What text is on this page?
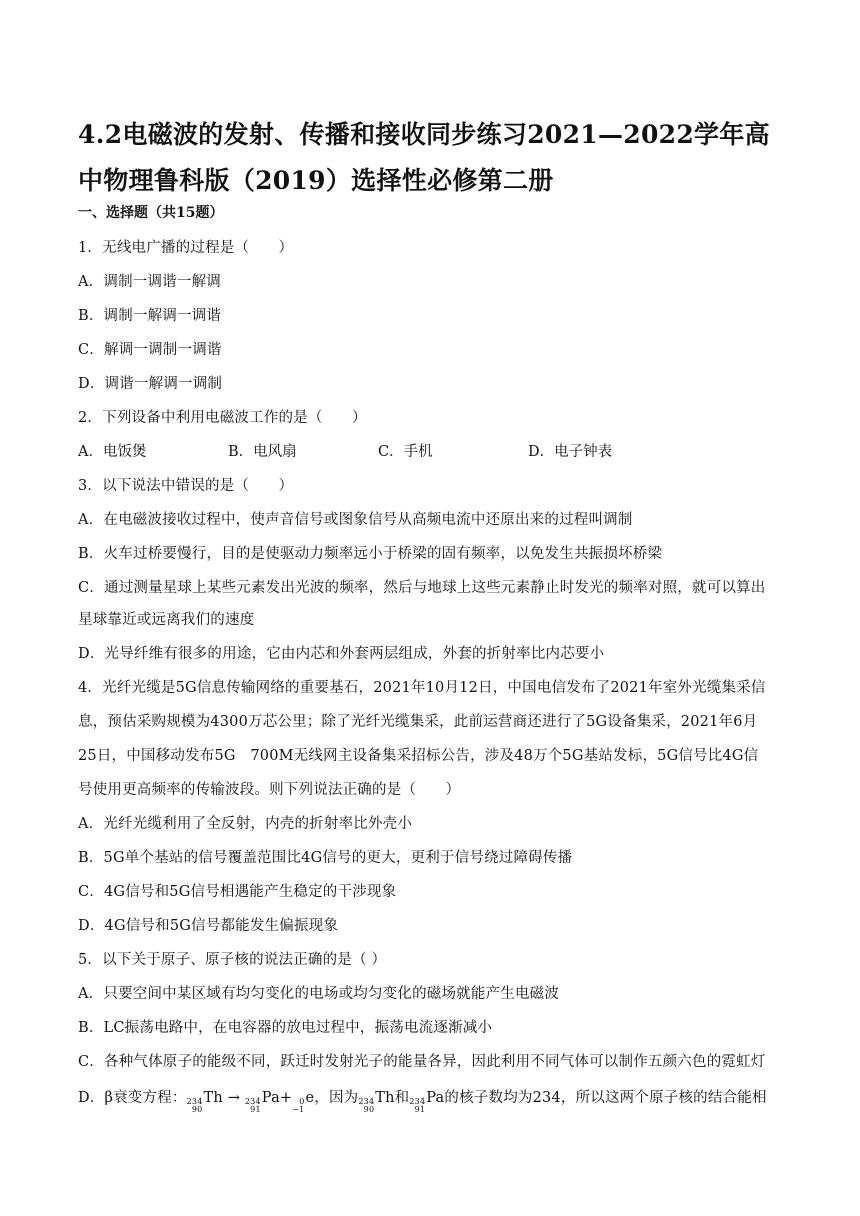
4.2电磁波的发射、传播和接收同步练习2021—2022学年高中物理鲁科版（2019）选择性必修第二册
一、选择题（共15题）
1．无线电广播的过程是（　　）
A．调制一调谐一解调
B．调制一解调一调谐
C．解调一调制一调谐
D．调谐一解调一调制
2．下列设备中利用电磁波工作的是（　　）
A．电饭煲	B．电风扇	C．手机	D．电子钟表
3．以下说法中错误的是（　　）
A．在电磁波接收过程中，使声音信号或图象信号从高频电流中还原出来的过程叫调制
B．火车过桥要慢行，目的是使驱动力频率远小于桥梁的固有频率，以免发生共振损坏桥梁
C．通过测量星球上某些元素发出光波的频率，然后与地球上这些元素静止时发光的频率对照，就可以算出
星球靠近或远离我们的速度
D．光导纤维有很多的用途，它由内芯和外套两层组成，外套的折射率比内芯要小
4．光纤光缆是5G信息传输网络的重要基石，2021年10月12日，中国电信发布了2021年室外光缆集采信
息，预估采购规模为4300万芯公里；除了光纤光缆集采，此前运营商还进行了5G设备集采，2021年6月
25日，中国移动发布5G　700M无线网主设备集采招标公告，涉及48万个5G基站发标，5G信号比4G信
号使用更高频率的传输波段。则下列说法正确的是（　　）
A．光纤光缆利用了全反射，内壳的折射率比外壳小
B．5G单个基站的信号覆盖范围比4G信号的更大，更利于信号绕过障碍传播
C．4G信号和5G信号相遇能产生稳定的干涉现象
D．4G信号和5G信号都能发生偏振现象
5．以下关于原子、原子核的说法正确的是（ ）
A．只要空间中某区域有均匀变化的电场或均匀变化的磁场就能产生电磁波
B．LC振荡电路中，在电容器的放电过程中，振荡电流逐渐减小
C．各种气体原子的能级不同，跃迁时发射光子的能量各异，因此利用不同气体可以制作五颜六色的霓虹灯
D．β衰变方程： 234
90
Th → 234
91
Pa+ 0
−1
e，因为 234
90
Th和 234
91
Pa的核子数均为234，所以这两个原子核的结合能相
